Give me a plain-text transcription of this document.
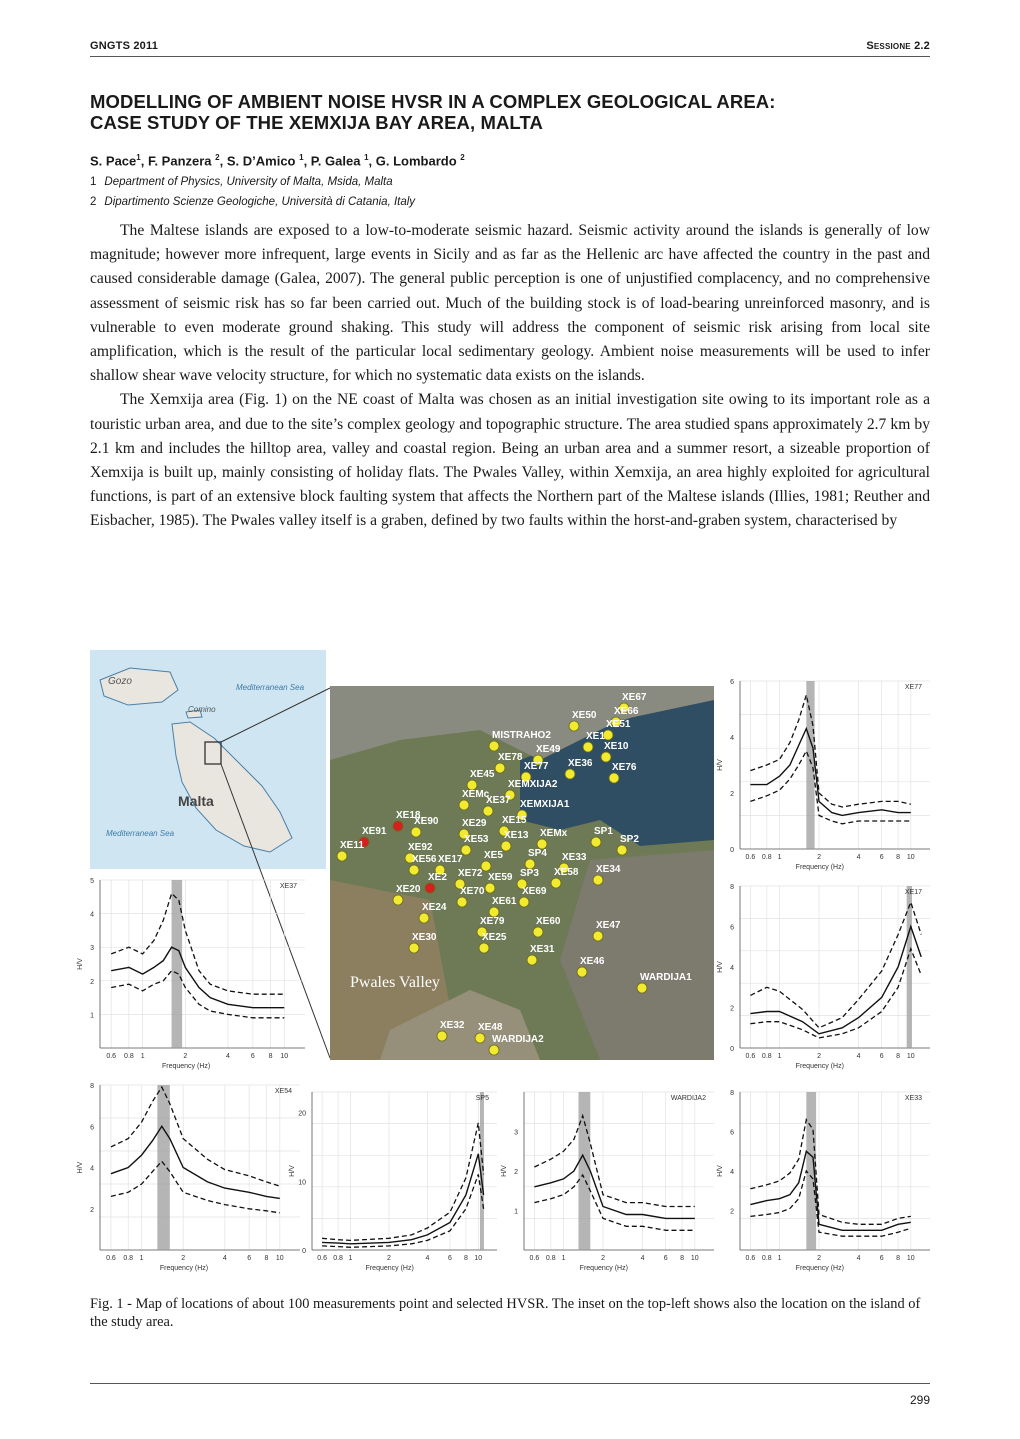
GNGTS 2011	Sessione 2.2
MODELLING OF AMBIENT NOISE HVSR IN A COMPLEX GEOLOGICAL AREA:
CASE STUDY OF THE XEMXIJA BAY AREA, MALTA
S. Pace$^1$, F. Panzera $^2$, S. D’Amico $^1$, P. Galea $^1$, G. Lombardo $^2$
1 Department of Physics, University of Malta, Msida, Malta
2 Dipartimento Scienze Geologiche, Università di Catania, Italy

The Maltese islands are exposed to a low-to-moderate seismic hazard. Seismic activity around the islands is generally of low magnitude; however more infrequent, large events in Sicily and as far as the Hellenic arc have affected the country in the past and caused considerable damage (Galea, 2007). The general public perception is one of unjustified complacency, and no comprehensive assessment of seismic risk has so far been carried out. Much of the building stock is of load-bearing unreinforced masonry, and is vulnerable to even moderate ground shaking. This study will address the component of seismic risk arising from local site amplification, which is the result of the particular local sedimentary geology. Ambient noise measurements will be used to infer shallow shear wave velocity structure, for which no systematic data exists on the islands.

The Xemxija area (Fig. 1) on the NE coast of Malta was chosen as an initial investigation site owing to its important role as a touristic urban area, and due to the site’s complex geology and topographic structure. The area studied spans approximately 2.7 km by 2.1 km and includes the hilltop area, valley and coastal region. Being an urban area and a summer resort, a sizeable proportion of Xemxija is built up, mainly consisting of holiday flats. The Pwales Valley, within Xemxija, an area highly exploited for agricultural functions, is part of an extensive block faulting system that affects the Northern part of the Maltese islands (Illies, 1981; Reuther and Eisbacher, 1985). The Pwales valley itself is a graben, defined by two faults within the horst-and-graben system, characterised by

Gozo
Comino
Malta
Mediterranean Sea
Mediterranean Sea
XE67
XE66
XE50
XE51
MISTRAHO2	XE1
XE10
XE78
XE49
XE77 XE36 XE76
XE45
XEMXIJA2
XEMc
XE37 XEMXIJA1
XE18
XE90 XE29 XE15
XE91
XE53 XE13 XEMx	SP1
SP2
XE11	XE92
XE5	SP4 XE33
XE56 XE17
XE72 XE59 SP3 XE58 XE34
XE2
XE20	XE70	XE69
XE24
XE61
XE79	XE60	XE47
XE30	XE25
XE31
XE46
WARDIJA1
XE32 XE48
WARDIJA2
Pwales Valley
0
2
4
6
0.6 0.8 1	2	4	6 8 10
H/V
Frequency (Hz)
XE77
1
2
3
4
5
0.6 0.8 1	2	4	6 8 10
H/V
Frequency (Hz)
XE37
0
2
4
6
8
0.6 0.8 1	2	4	6 8 10
H/V
Frequency (Hz)
XE17
2
4
6
8
0.6 0.8 1	2	4	6 8 10
H/V
Frequency (Hz)
XE54
0
10
20
0.6 0.8 1	2	4	6 8 10
H/V
Frequency (Hz)
SP5
1
2
3
0.6 0.8 1	2	4	6 8 10
H/V
Frequency (Hz)
WARDIJA2
2
4
6
8
0.6 0.8 1	2	4	6 8 10
H/V
Frequency (Hz)
XE33
Fig. 1 - Map of locations of about 100 measurements point and selected HVSR. The inset on the top-left shows also the location on the island of the study area.
299
